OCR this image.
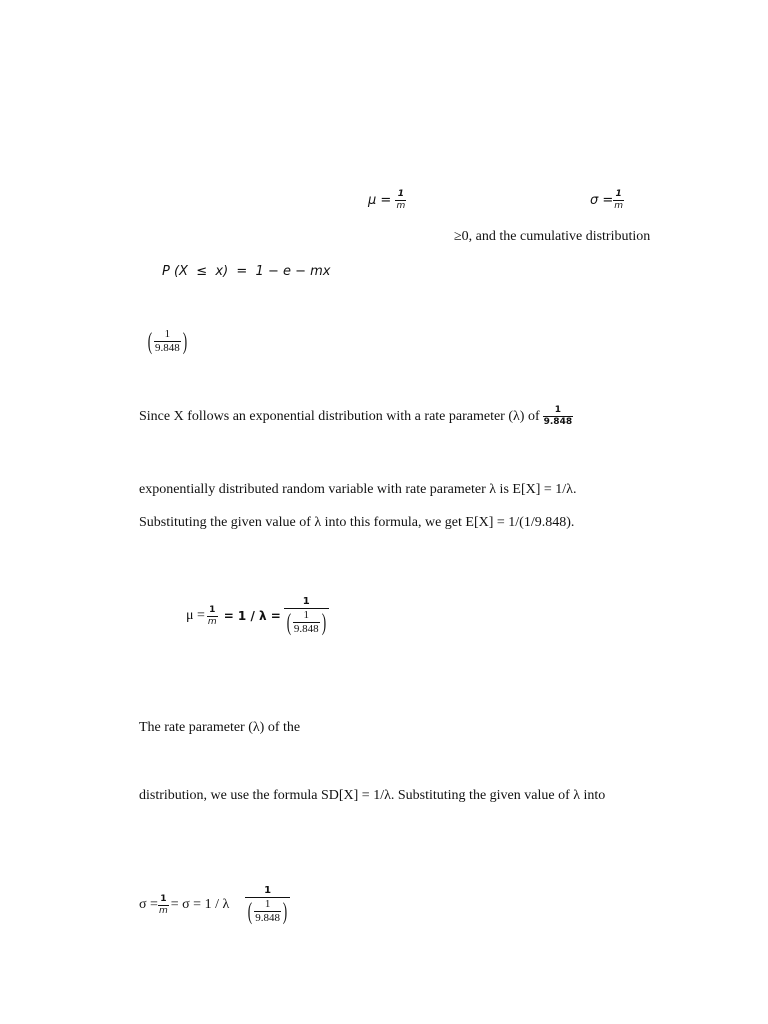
$\mu = \frac{1}{m}$	$\sigma = \frac{1}{m}$
≥0, and the cumulative distribution
P (X  ≤  x)  =  1 − e − mx
( $\frac{1}{9.848}$ )
Since X follows an exponential distribution with a rate parameter (λ) of $\frac{1}{9.848}$
exponentially distributed random variable with rate parameter λ is E[X] = 1/λ.
Substituting the given value of λ into this formula, we get E[X] = 1/(1/9.848).
$\mu = \frac{1}{m} = 1 / \lambda = \frac{1}{( \frac{1}{9.848} )}$
The rate parameter (λ) of the
distribution, we use the formula SD[X] = 1/λ. Substituting the given value of λ into
$\sigma = \frac{1}{m} = \sigma = 1 / \lambda \frac{1}{( \frac{1}{9.848} )}$
